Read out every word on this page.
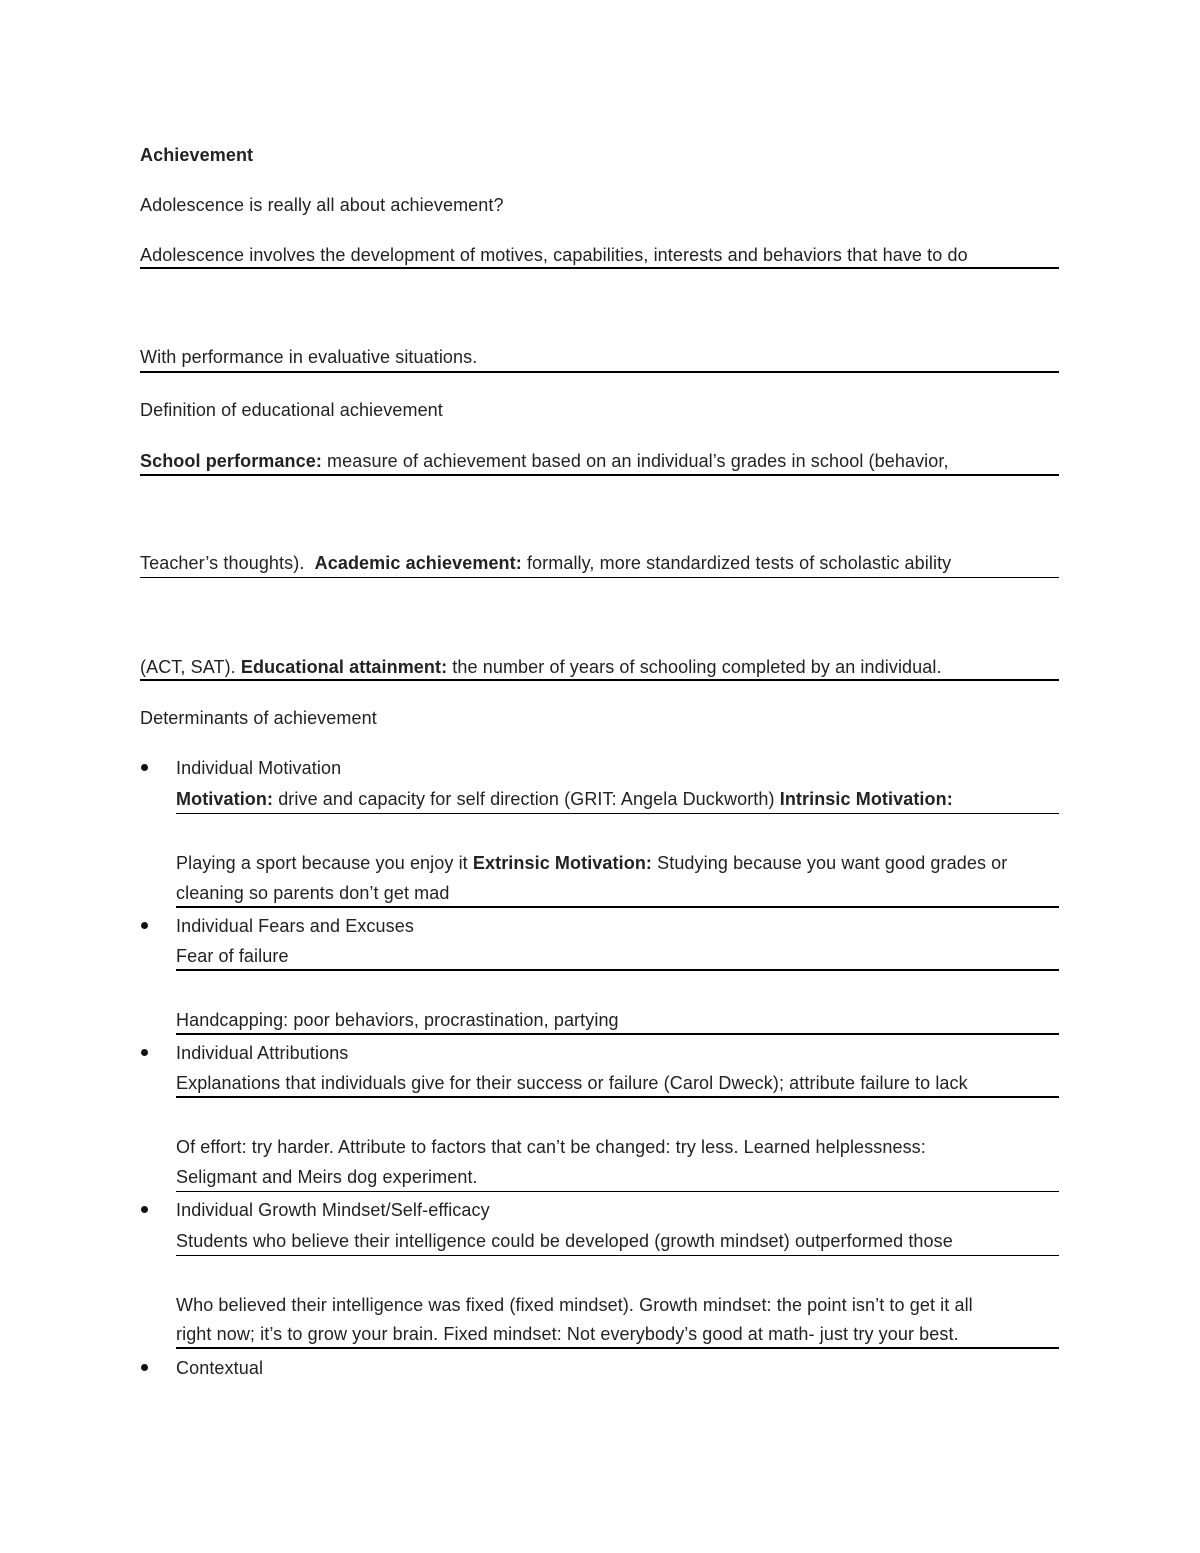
Achievement
Adolescence is really all about achievement?
Adolescence involves the development of motives, capabilities, interests and behaviors that have to do
With performance in evaluative situations.
Definition of educational achievement
School performance: measure of achievement based on an individual’s grades in school (behavior,
Teacher’s thoughts).  Academic achievement: formally, more standardized tests of scholastic ability
(ACT, SAT). Educational attainment: the number of years of schooling completed by an individual.
Determinants of achievement
Individual Motivation
Motivation: drive and capacity for self direction (GRIT: Angela Duckworth) Intrinsic Motivation:
Playing a sport because you enjoy it Extrinsic Motivation: Studying because you want good grades or
cleaning so parents don’t get mad
Individual Fears and Excuses
Fear of failure
Handcapping: poor behaviors, procrastination, partying
Individual Attributions
Explanations that individuals give for their success or failure (Carol Dweck); attribute failure to lack
Of effort: try harder. Attribute to factors that can’t be changed: try less. Learned helplessness:
Seligmant and Meirs dog experiment.
Individual Growth Mindset/Self-efficacy
Students who believe their intelligence could be developed (growth mindset) outperformed those
Who believed their intelligence was fixed (fixed mindset). Growth mindset: the point isn’t to get it all
right now; it’s to grow your brain. Fixed mindset: Not everybody’s good at math- just try your best.
Contextual
